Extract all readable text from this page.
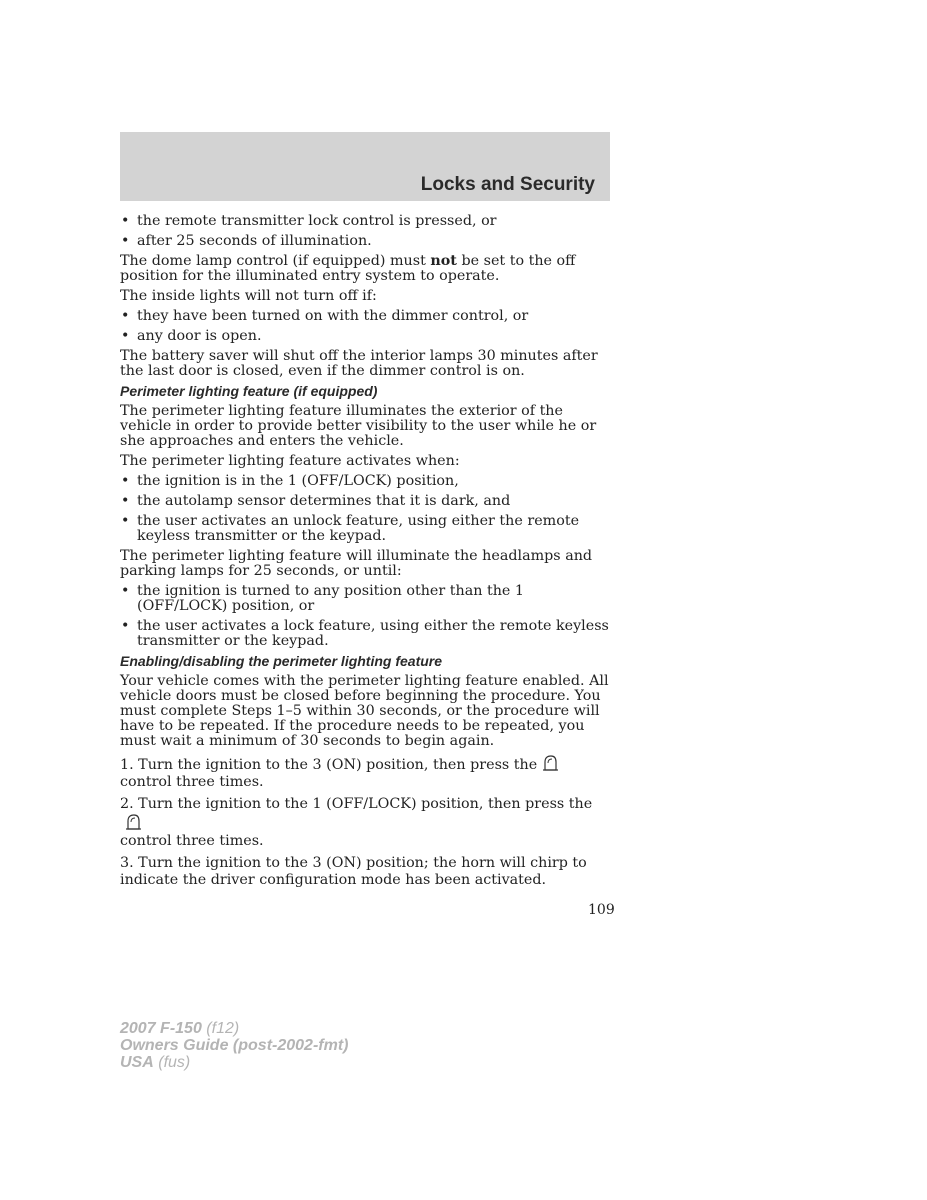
Locks and Security
• the remote transmitter lock control is pressed, or
• after 25 seconds of illumination.

The dome lamp control (if equipped) must not be set to the off position for the illuminated entry system to operate.

The inside lights will not turn off if:

• they have been turned on with the dimmer control, or
• any door is open.

The battery saver will shut off the interior lamps 30 minutes after the last door is closed, even if the dimmer control is on.

Perimeter lighting feature (if equipped)

The perimeter lighting feature illuminates the exterior of the vehicle in order to provide better visibility to the user while he or she approaches and enters the vehicle.

The perimeter lighting feature activates when:

• the ignition is in the 1 (OFF/LOCK) position,
• the autolamp sensor determines that it is dark, and
• the user activates an unlock feature, using either the remote keyless transmitter or the keypad.

The perimeter lighting feature will illuminate the headlamps and parking lamps for 25 seconds, or until:

• the ignition is turned to any position other than the 1 (OFF/LOCK) position, or
• the user activates a lock feature, using either the remote keyless transmitter or the keypad.
Enabling/disabling the perimeter lighting feature

Your vehicle comes with the perimeter lighting feature enabled. All vehicle doors must be closed before beginning the procedure. You must complete Steps 1–5 within 30 seconds, or the procedure will have to be repeated. If the procedure needs to be repeated, you must wait a minimum of 30 seconds to begin again.

1. Turn the ignition to the 3 (ON) position, then press thecontrol three times.

2. Turn the ignition to the 1 (OFF/LOCK) position, then press the
control three times.

3. Turn the ignition to the 3 (ON) position; the horn will chirp to indicate the driver configuration mode has been activated.

109
2007 F-150 (f12)
Owners Guide (post-2002-fmt)
USA (fus)
